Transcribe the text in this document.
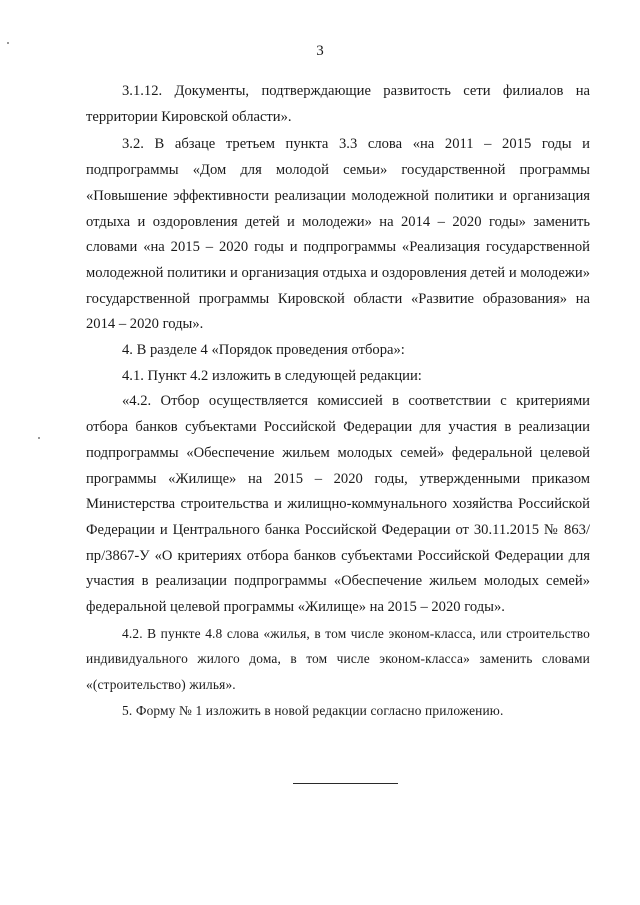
3

3.1.12. Документы, подтверждающие развитость сети филиалов на территории Кировской области».

3.2. В абзаце третьем пункта 3.3 слова «на 2011 – 2015 годы и подпрограммы «Дом для молодой семьи» государственной программы «Повышение эффективности реализации молодежной политики и организация отдыха и оздоровления детей и молодежи» на 2014 – 2020 годы» заменить словами «на 2015 – 2020 годы и подпрограммы «Реализация государственной молодежной политики и организация отдыха и оздоровления детей и молодежи» государственной программы Кировской области «Развитие образования» на 2014 – 2020 годы».

4. В разделе 4 «Порядок проведения отбора»:

4.1. Пункт 4.2 изложить в следующей редакции:

«4.2. Отбор осуществляется комиссией в соответствии с критериями отбора банков субъектами Российской Федерации для участия в реализации подпрограммы «Обеспечение жильем молодых семей» федеральной целевой программы «Жилище» на 2015 – 2020 годы, утвержденными приказом Министерства строительства и жилищно-коммунального хозяйства Российской Федерации и Центрального банка Российской Федерации от 30.11.2015 № 863/пр/3867-У «О критериях отбора банков субъектами Российской Федерации для участия в реализации подпрограммы «Обеспечение жильем молодых семей» федеральной целевой программы «Жилище» на 2015 – 2020 годы».

4.2. В пункте 4.8 слова «жилья, в том числе эконом-класса, или строительство индивидуального жилого дома, в том числе эконом-класса» заменить словами «(строительство) жилья».

5. Форму № 1 изложить в новой редакции согласно приложению.
